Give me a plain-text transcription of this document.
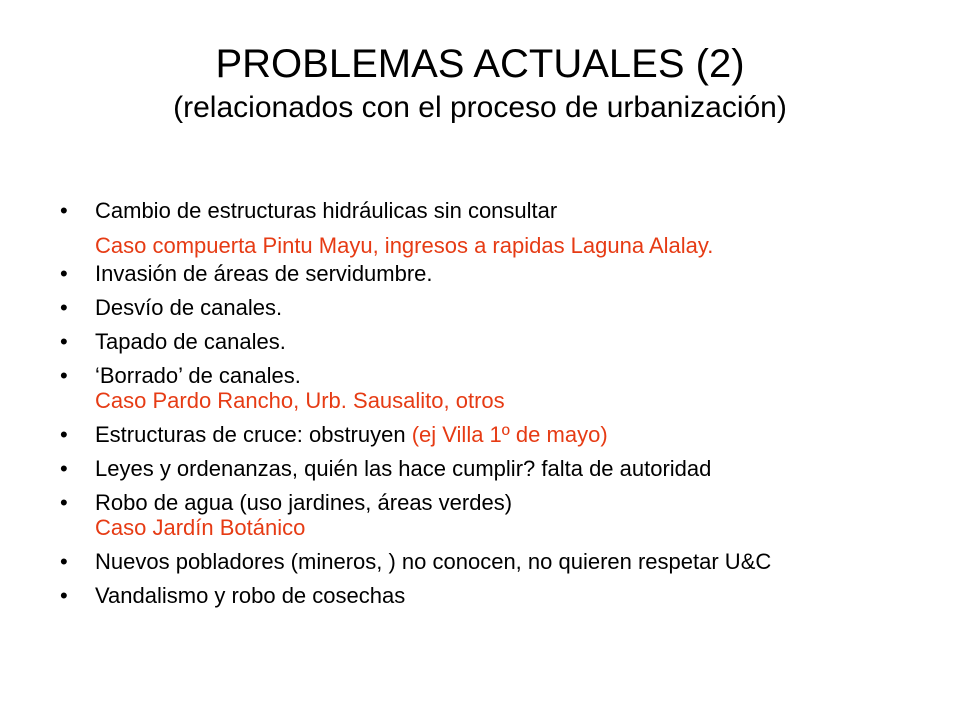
PROBLEMAS ACTUALES (2)
(relacionados con el proceso de urbanización)
• Cambio de estructuras hidráulicas sin consultar
Caso compuerta Pintu Mayu, ingresos a rapidas Laguna Alalay.
• Invasión de áreas de servidumbre.
• Desvío de canales.
• Tapado de canales.
• ‘Borrado’ de canales.
Caso Pardo Rancho, Urb. Sausalito, otros
• Estructuras de cruce: obstruyen (ej Villa 1º de mayo)
• Leyes y ordenanzas, quién las hace cumplir? falta de autoridad
• Robo de agua (uso jardines, áreas verdes)
Caso Jardín Botánico
• Nuevos pobladores (mineros, ) no conocen, no quieren respetar U&C
• Vandalismo y robo de cosechas
